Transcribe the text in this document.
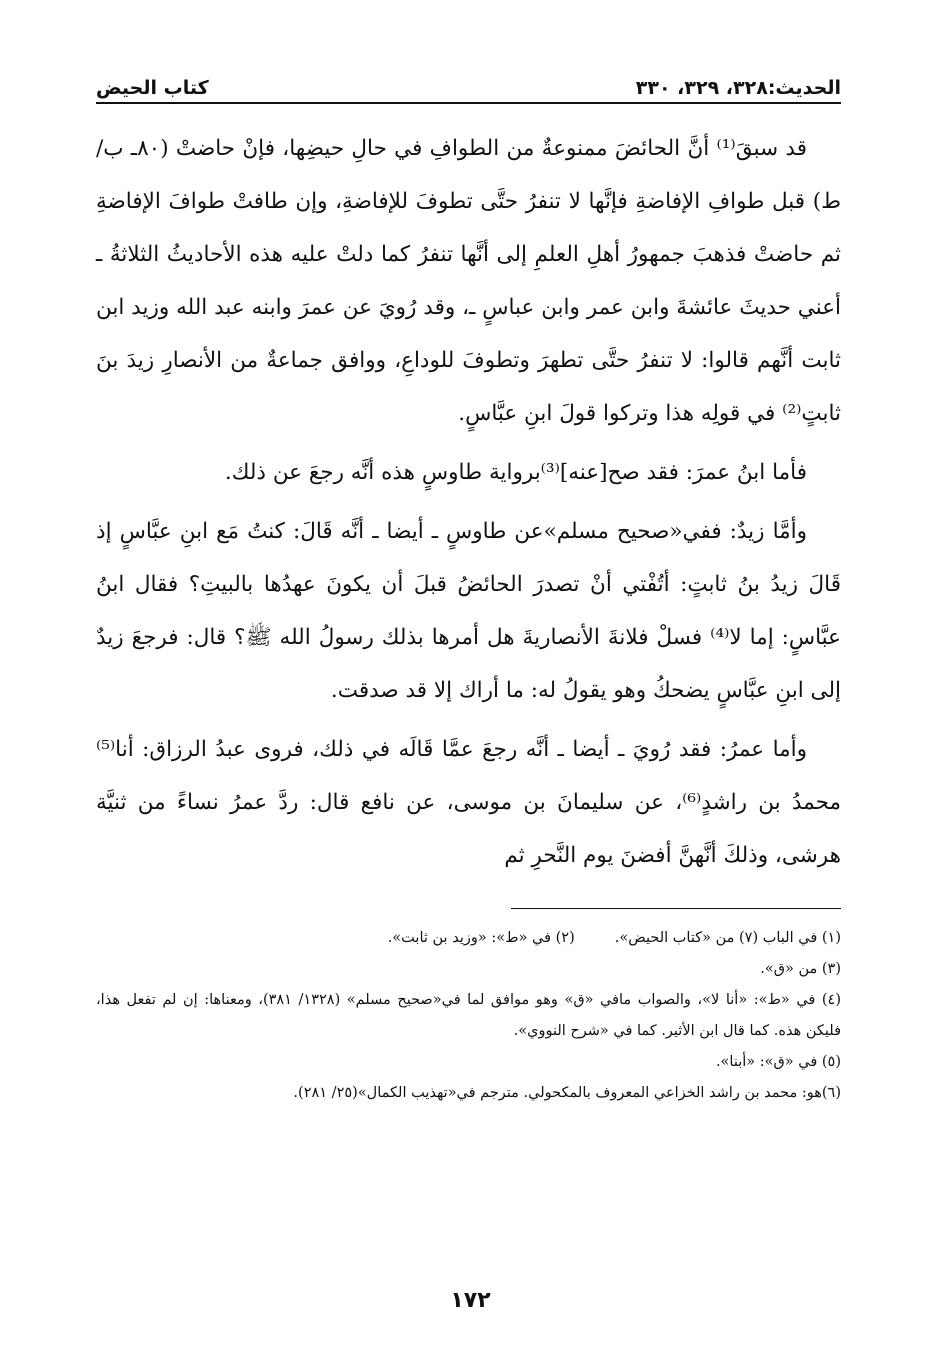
الحديث:٣٢٨، ٣٢٩، ٣٣٠
كتاب الحيض

قد سبقَ⁽¹⁾ أنَّ الحائضَ ممنوعةٌ من الطوافِ في حالِ حيضِها، فإنْ حاضتْ (٨٠ـ ب/ ط) قبل طوافِ الإفاضةِ فإنَّها لا تنفرُ حتَّى تطوفَ للإفاضةِ، وإن طافتْ طوافَ الإفاضةِ ثم حاضتْ فذهبَ جمهورُ أهلِ العلمِ إلى أنَّها تنفرُ كما دلتْ عليه هذه الأحاديثُ الثلاثةُ ـ أعني حديثَ عائشةَ وابن عمر وابن عباسٍ ـ، وقد رُويَ عن عمرَ وابنه عبد الله وزيد ابن ثابت أنَّهم قالوا: لا تنفرُ حتَّى تطهرَ وتطوفَ للوداعِ، ووافق جماعةٌ من الأنصارِ زيدَ بنَ ثابتٍ⁽²⁾ في قولِه هذا وتركوا قولَ ابنِ عبَّاسٍ.

فأما ابنُ عمرَ: فقد صح[عنه]⁽³⁾برواية طاوسٍ هذه أنَّه رجعَ عن ذلك.

وأمَّا زيدٌ: ففي«صحيح مسلم»عن طاوسٍ ـ أيضا ـ أنَّه قَالَ: كنتُ مَع ابنِ عبَّاسٍ إذ قَالَ زيدُ بنُ ثابتٍ: أتُفْتي أنْ تصدرَ الحائضُ قبلَ أن يكونَ عهدُها بالبيتِ؟ فقال ابنُ عبَّاسٍ: إما لا⁽⁴⁾ فسلْ فلانةَ الأنصاريةَ هل أمرها بذلك رسولُ الله ﷺ؟ قال: فرجعَ زيدٌ إلى ابنِ عبَّاسٍ يضحكُ وهو يقولُ له: ما أراك إلا قد صدقت.

وأما عمرُ: فقد رُويَ ـ أيضا ـ أنَّه رجعَ عمَّا قَالَه في ذلك، فروى عبدُ الرزاق: أنا⁽⁵⁾ محمدُ بن راشدٍ⁽⁶⁾، عن سليمانَ بن موسى، عن نافع قال: ردَّ عمرُ نساءً من ثنيَّة هرشى، وذلكَ أنَّهنَّ أفضنَ يوم النَّحرِ ثم

(١) في الباب (٧) من «كتاب الحيض».

(٢) في «ط»: «وزيد بن ثابت».

(٣) من «ق».

(٤) في «ط»: «أنا لا»، والصواب مافي «ق» وهو موافق لما في«صحيح مسلم» (١٣٢٨/ ٣٨١)، ومعناها: إن لم تفعل هذا، فليكن هذه. كما قال ابن الأثير. كما في «شرح النووي».

(٥) في «ق»: «أبنا».

(٦)هو: محمد بن راشد الخزاعي المعروف بالمكحولي. مترجم في«تهذيب الكمال»(٢٥/ ٢٨١).

١٧٢
